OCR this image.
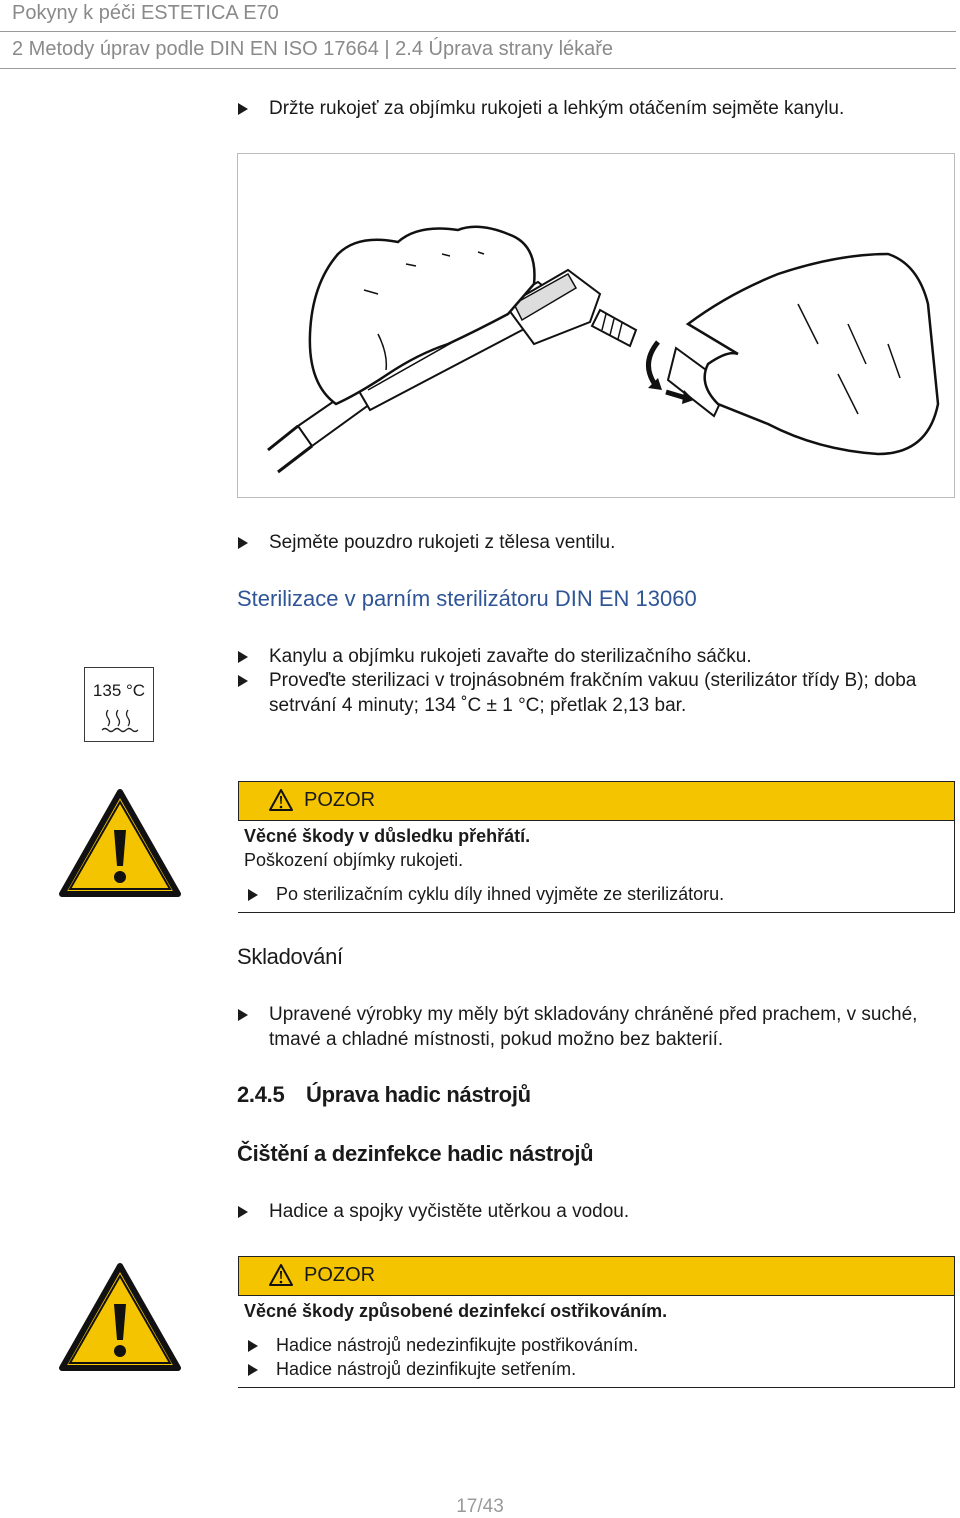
Pokyny k péči ESTETICA E70
2 Metody úprav podle DIN EN ISO 17664 | 2.4 Úprava strany lékaře
Držte rukojeť za objímku rukojeti a lehkým otáčením sejměte kanylu.
Sejměte pouzdro rukojeti z tělesa ventilu.
Sterilizace v parním sterilizátoru DIN EN 13060
135 °C
Kanylu a objímku rukojeti zavařte do sterilizačního sáčku.
Proveďte sterilizaci v trojnásobném frakčním vakuu (sterilizátor třídy B); doba
setrvání 4 minuty; 134 ˚C ± 1 °C; přetlak 2,13 bar.
POZOR
Věcné škody v důsledku přehřátí.
Poškození objímky rukojeti.
Po sterilizačním cyklu díly ihned vyjměte ze sterilizátoru.
Skladování
Upravené výrobky my měly být skladovány chráněné před prachem, v suché,
tmavé a chladné místnosti, pokud možno bez bakterií.
2.4.5 Úprava hadic nástrojů
Čištění a dezinfekce hadic nástrojů
Hadice a spojky vyčistěte utěrkou a vodou.
POZOR
Věcné škody způsobené dezinfekcí ostřikováním.
Hadice nástrojů nedezinfikujte postřikováním.
Hadice nástrojů dezinfikujte setřením.
17/43
